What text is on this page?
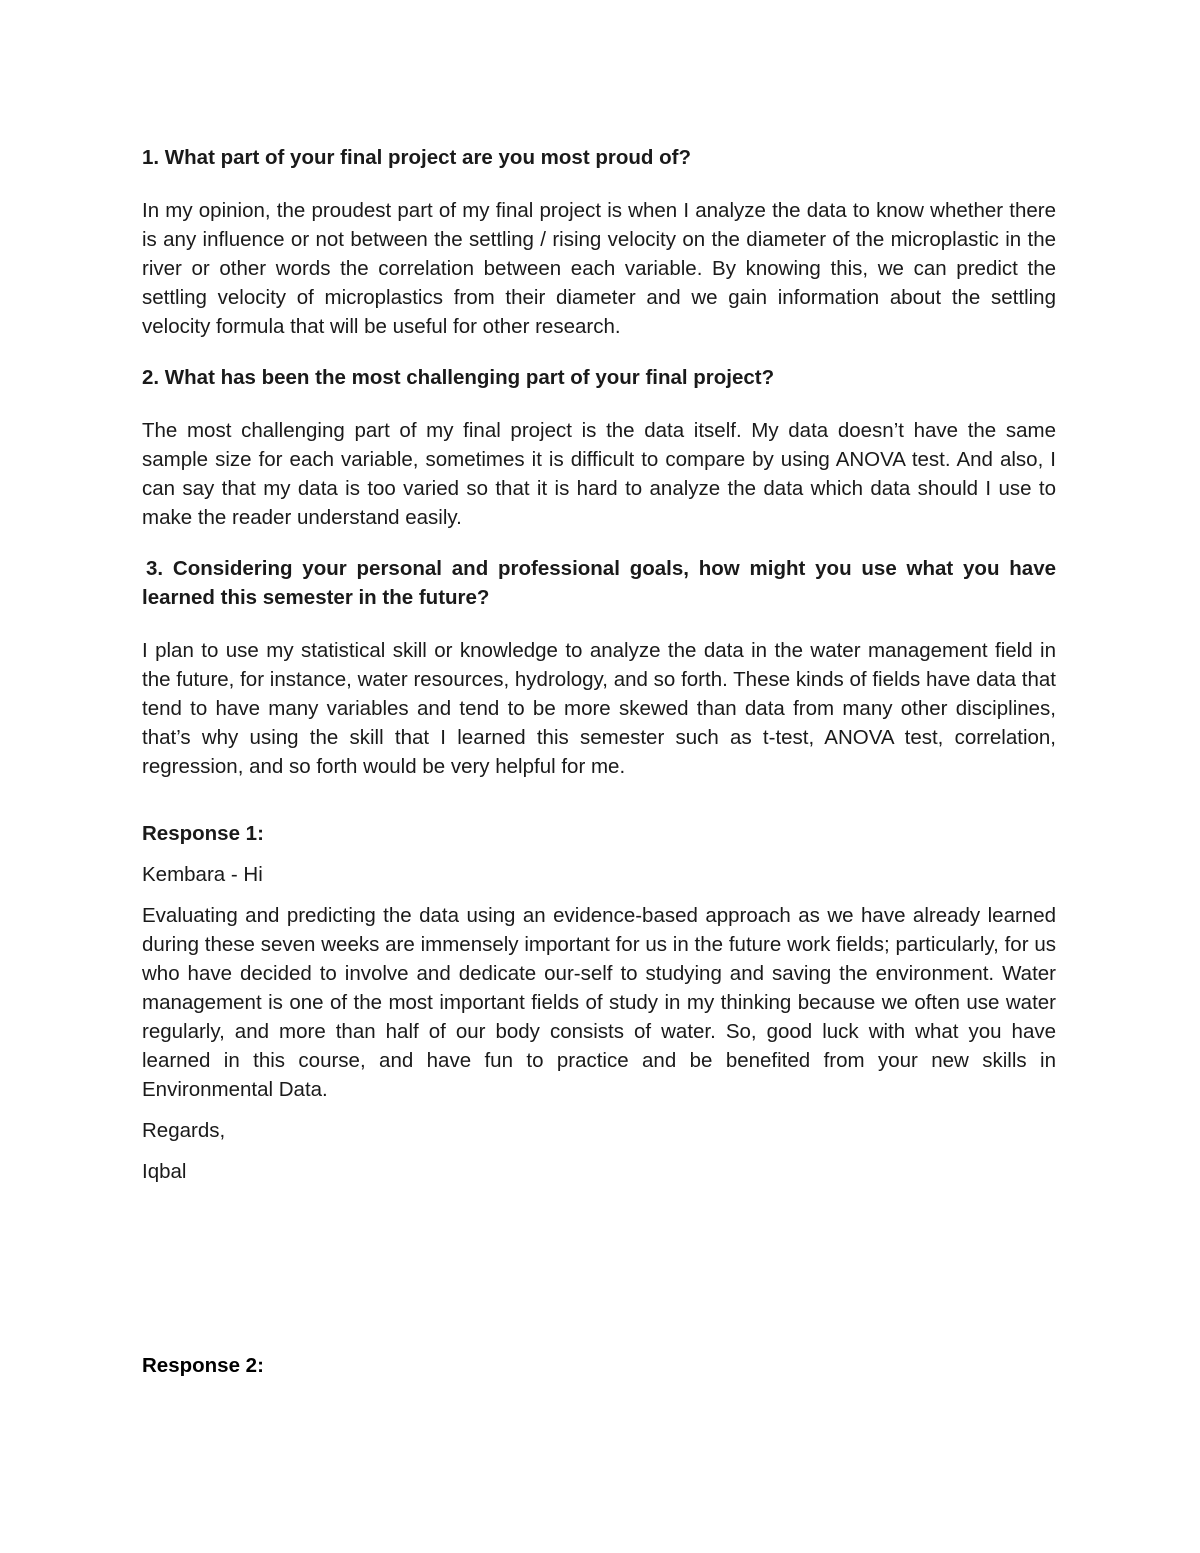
1. What part of your final project are you most proud of?

In my opinion, the proudest part of my final project is when I analyze the data to know whether there is any influence or not between the settling / rising velocity on the diameter of the microplastic in the river or other words the correlation between each variable. By knowing this, we can predict the settling velocity of microplastics from their diameter and we gain information about the settling velocity formula that will be useful for other research.

2. What has been the most challenging part of your final project?

The most challenging part of my final project is the data itself. My data doesn’t have the same sample size for each variable, sometimes it is difficult to compare by using ANOVA test. And also, I can say that my data is too varied so that it is hard to analyze the data which data should I use to make the reader understand easily.

3. Considering your personal and professional goals, how might you use what you have learned this semester in the future?

I plan to use my statistical skill or knowledge to analyze the data in the water management field in the future, for instance, water resources, hydrology, and so forth. These kinds of fields have data that tend to have many variables and tend to be more skewed than data from many other disciplines, that’s why using the skill that I learned this semester such as t-test, ANOVA test, correlation, regression, and so forth would be very helpful for me.

Response 1:

Kembara - Hi

Evaluating and predicting the data using an evidence-based approach as we have already learned during these seven weeks are immensely important for us in the future work fields; particularly, for us who have decided to involve and dedicate our-self to studying and saving the environment. Water management is one of the most important fields of study in my thinking because we often use water regularly, and more than half of our body consists of water. So, good luck with what you have learned in this course, and have fun to practice and be benefited from your new skills in Environmental Data.

Regards,

Iqbal

Response 2:
